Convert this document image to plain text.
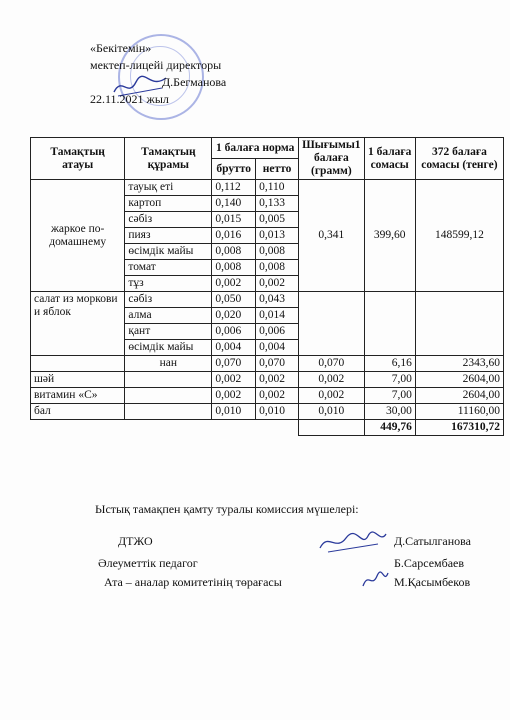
«Бекітемін»
мектеп-лицейі директоры
Д.Бегманова
22.11.2021 жыл
Тамақтың атауы	Тамақтың құрамы	1 балаға норма		Шығымы1 балаға (грамм)	1 балаға сомасы	372 балаға сомасы (тенге)
		брутто	нетто			
жаркое по-домашнему	тауық еті	0,112	0,110	0,341	399,60	148599,12
	картоп	0,140	0,133			
	сәбіз	0,015	0,005			
	пияз	0,016	0,013			
	өсімдік майы	0,008	0,008			
	томат	0,008	0,008			
	тұз	0,002	0,002			
салат из моркови и яблок	сәбіз	0,050	0,043			
	алма	0,020	0,014			
	қант	0,006	0,006			
	өсімдік майы	0,004	0,004			
	нан	0,070	0,070	0,070	6,16	2343,60
шәй		0,002	0,002	0,002	7,00	2604,00
витамин «С»		0,002	0,002	0,002	7,00	2604,00
бал		0,010	0,010	0,010	30,00	11160,00
					449,76	167310,72
Ыстық тамақпен қамту туралы комиссия мүшелері:
ДТЖО
Әлеуметтік педагог
Ата – аналар комитетінің төрағасы
Д.Сатылганова
Б.Сарсембаев
М.Қасымбеков
